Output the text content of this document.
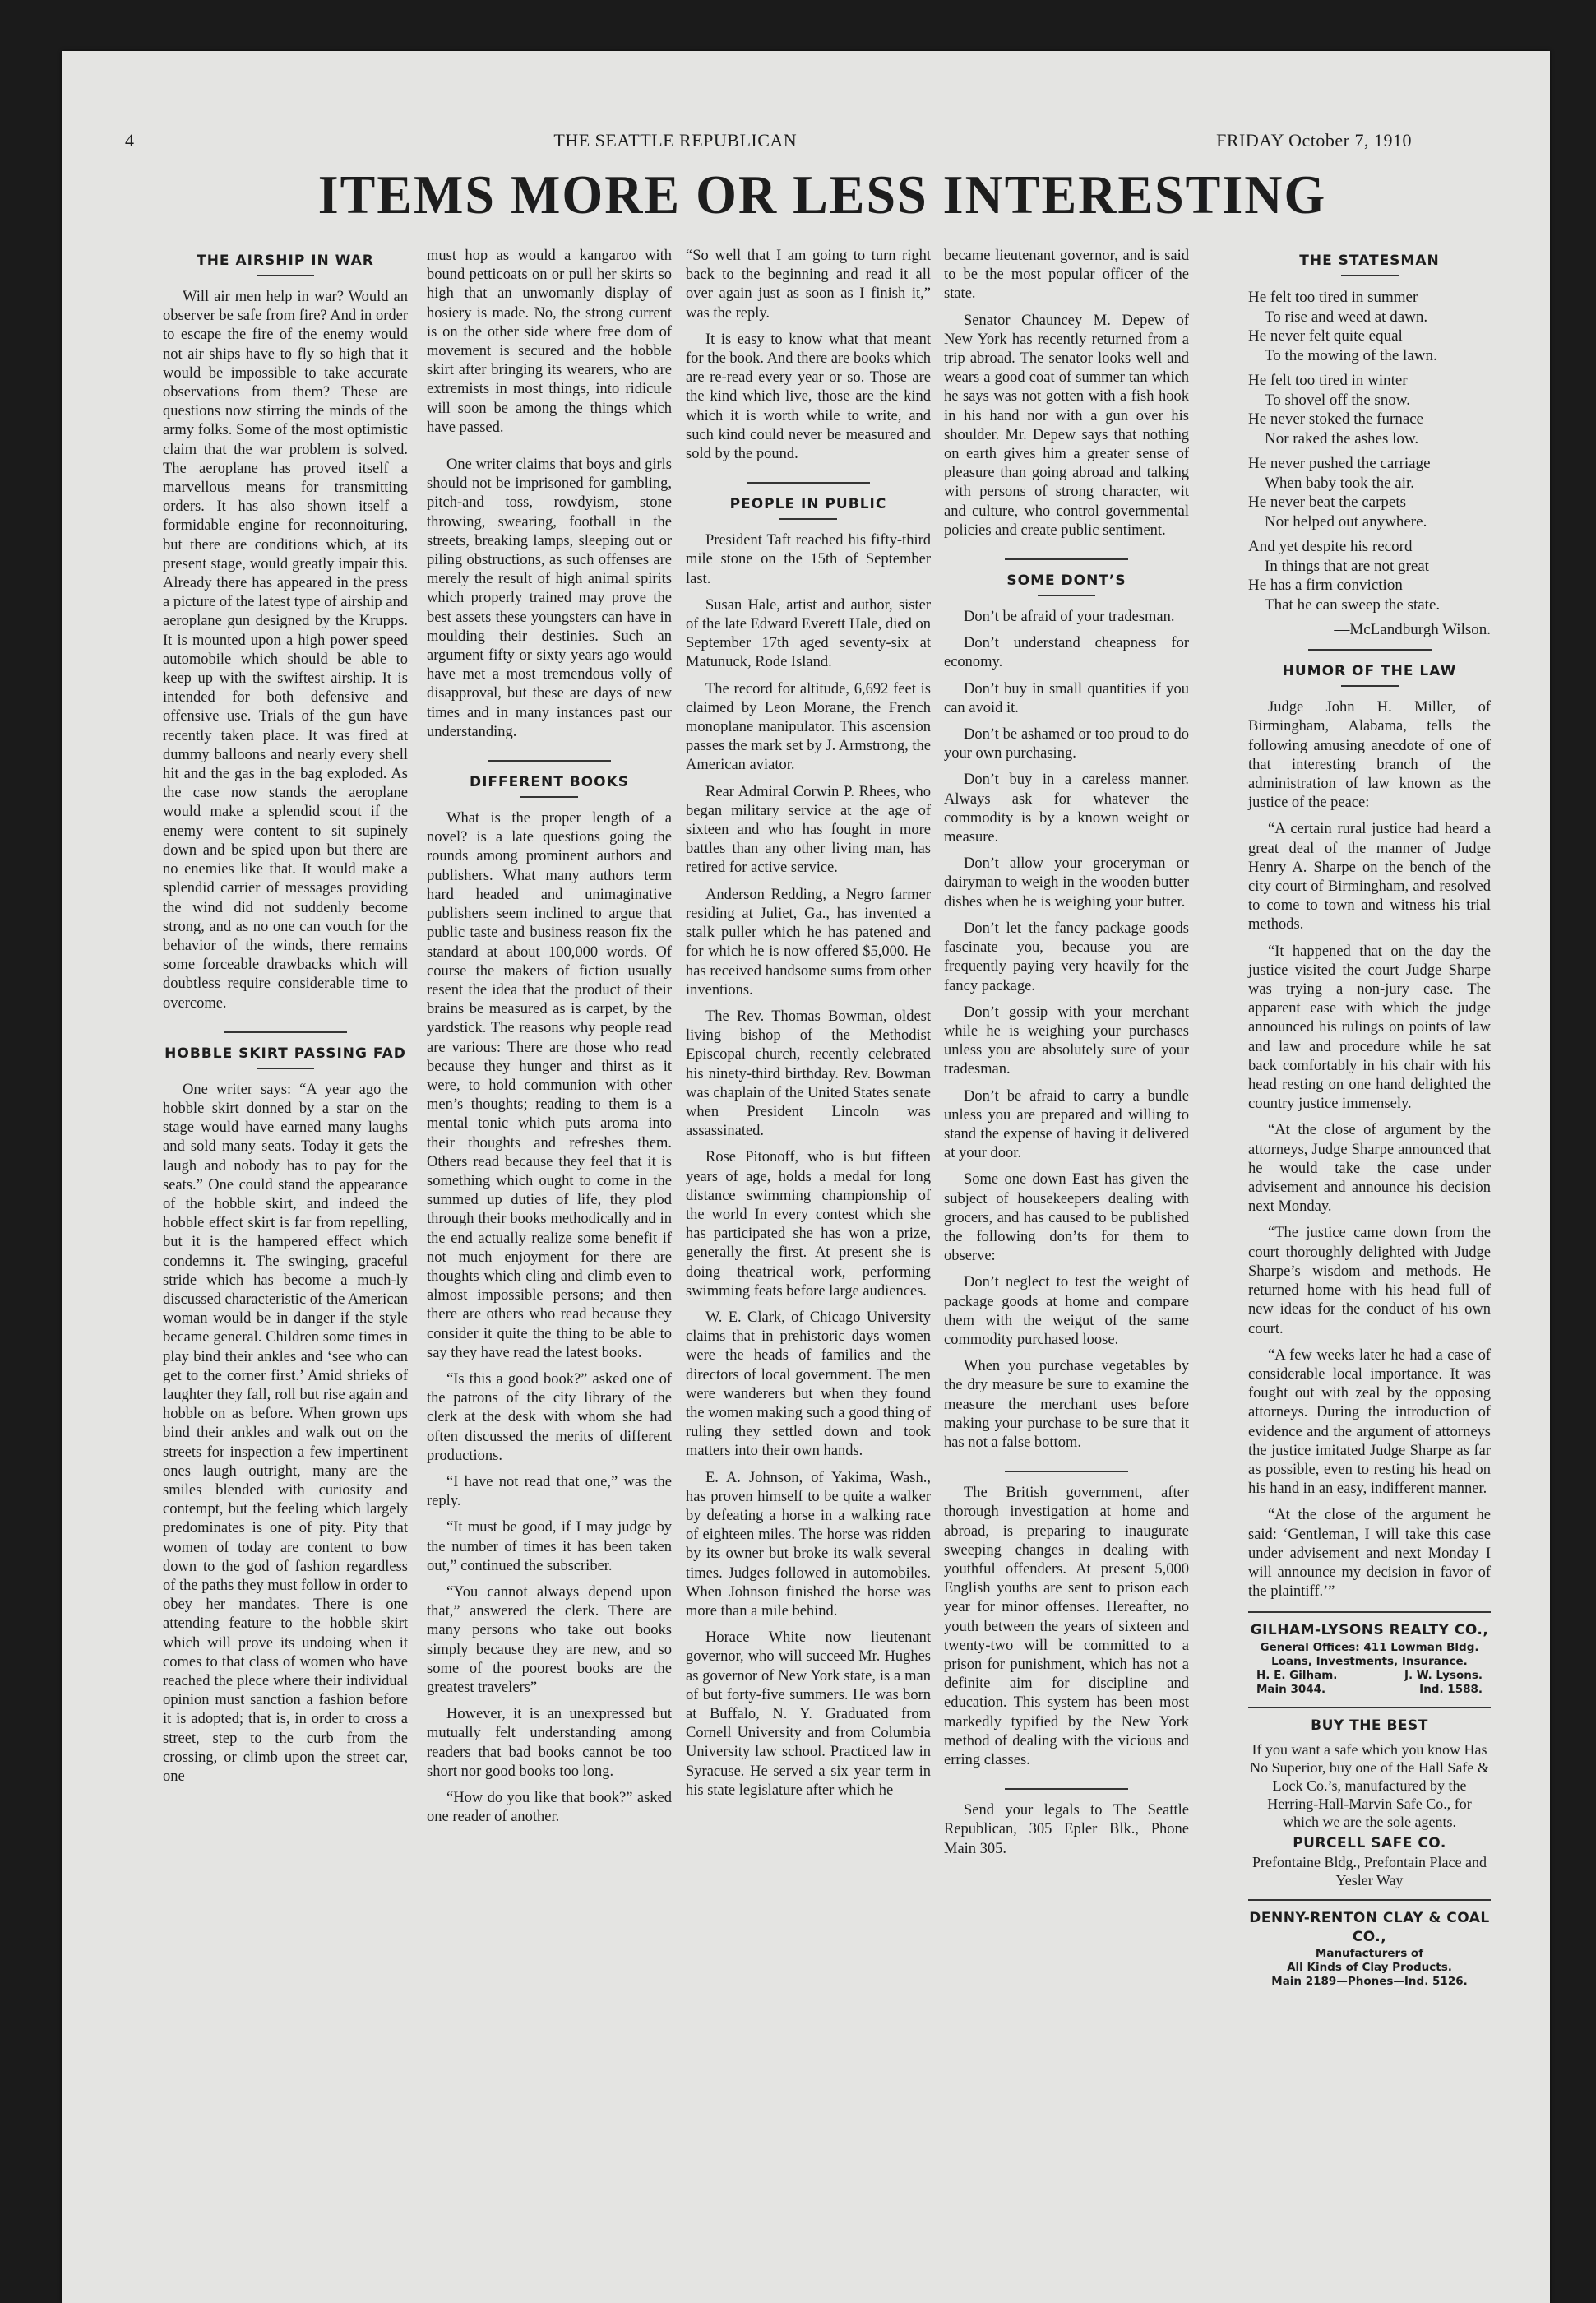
4	THE SEATTLE REPUBLICAN	FRIDAY October 7, 1910
ITEMS MORE OR LESS INTERESTING
THE AIRSHIP IN WAR

Will air men help in war? Would an observer be safe from fire? And in order to escape the fire of the enemy would not air ships have to fly so high that it would be impossible to take accurate observations from them? These are questions now stirring the minds of the army folks. Some of the most optimistic claim that the war problem is solved. The aeroplane has proved itself a marvellous means for transmitting orders. It has also shown itself a formidable engine for reconnoituring, but there are conditions which, at its present stage, would greatly impair this. Already there has appeared in the press a picture of the latest type of airship and aeroplane gun designed by the Krupps. It is mounted upon a high power speed automobile which should be able to keep up with the swiftest airship. It is intended for both defensive and offensive use. Trials of the gun have recently taken place. It was fired at dummy balloons and nearly every shell hit and the gas in the bag exploded. As the case now stands the aeroplane would make a splendid scout if the enemy were content to sit supinely down and be spied upon but there are no enemies like that. It would make a splendid carrier of messages providing the wind did not suddenly become strong, and as no one can vouch for the behavior of the winds, there remains some forceable drawbacks which will doubtless require considerable time to overcome.

HOBBLE SKIRT PASSING FAD

One writer says: “A year ago the hobble skirt donned by a star on the stage would have earned many laughs and sold many seats. Today it gets the laugh and nobody has to pay for the seats.” One could stand the appearance of the hobble skirt, and indeed the hobble effect skirt is far from repelling, but it is the hampered effect which condemns it. The swinging, graceful stride which has become a much-ly discussed characteristic of the American woman would be in danger if the style became general. Children some times in play bind their ankles and ‘see who can get to the corner first.’ Amid shrieks of laughter they fall, roll but rise again and hobble on as before. When grown ups bind their ankles and walk out on the streets for inspection a few impertinent ones laugh outright, many are the smiles blended with curiosity and contempt, but the feeling which largely predominates is one of pity. Pity that women of today are content to bow down to the god of fashion regardless of the paths they must follow in order to obey her mandates. There is one attending feature to the hobble skirt which will prove its undoing when it comes to that class of women who have reached the plece where their individual opinion must sanction a fashion before it is adopted; that is, in order to cross a street, step to the curb from the crossing, or climb upon the street car, one

must hop as would a kangaroo with bound petticoats on or pull her skirts so high that an unwomanly display of hosiery is made. No, the strong current is on the other side where free dom of movement is secured and the hobble skirt after bringing its wearers, who are extremists in most things, into ridicule will soon be among the things which have passed.

One writer claims that boys and girls should not be imprisoned for gambling, pitch-and toss, rowdyism, stone throwing, swearing, football in the streets, breaking lamps, sleeping out or piling obstructions, as such offenses are merely the result of high animal spirits which properly trained may prove the best assets these youngsters can have in moulding their destinies. Such an argument fifty or sixty years ago would have met a most tremendous volly of disapproval, but these are days of new times and in many instances past our understanding.

DIFFERENT BOOKS

What is the proper length of a novel? is a late questions going the rounds among prominent authors and publishers. What many authors term hard headed and unimaginative publishers seem inclined to argue that public taste and business reason fix the standard at about 100,000 words. Of course the makers of fiction usually resent the idea that the product of their brains be measured as is carpet, by the yardstick. The reasons why people read are various: There are those who read because they hunger and thirst as it were, to hold communion with other men’s thoughts; reading to them is a mental tonic which puts aroma into their thoughts and refreshes them. Others read because they feel that it is something which ought to come in the summed up duties of life, they plod through their books methodically and in the end actually realize some benefit if not much enjoyment for there are thoughts which cling and climb even to almost impossible persons; and then there are others who read because they consider it quite the thing to be able to say they have read the latest books.

“Is this a good book?” asked one of the patrons of the city library of the clerk at the desk with whom she had often discussed the merits of different productions.

“I have not read that one,” was the reply.

“It must be good, if I may judge by the number of times it has been taken out,” continued the subscriber.

“You cannot always depend upon that,” answered the clerk. There are many persons who take out books simply because they are new, and so some of the poorest books are the greatest travelers”

However, it is an unexpressed but mutually felt understanding among readers that bad books cannot be too short nor good books too long.

“How do you like that book?” asked one reader of another.

“So well that I am going to turn right back to the beginning and read it all over again just as soon as I finish it,” was the reply.

It is easy to know what that meant for the book. And there are books which are re-read every year or so. Those are the kind which live, those are the kind which it is worth while to write, and such kind could never be measured and sold by the pound.

PEOPLE IN PUBLIC

President Taft reached his fifty-third mile stone on the 15th of September last.

Susan Hale, artist and author, sister of the late Edward Everett Hale, died on September 17th aged seventy-six at Matunuck, Rode Island.

The record for altitude, 6,692 feet is claimed by Leon Morane, the French monoplane manipulator. This ascension passes the mark set by J. Armstrong, the American aviator.

Rear Admiral Corwin P. Rhees, who began military service at the age of sixteen and who has fought in more battles than any other living man, has retired for active service.

Anderson Redding, a Negro farmer residing at Juliet, Ga., has invented a stalk puller which he has patened and for which he is now offered $5,000. He has received handsome sums from other inventions.

The Rev. Thomas Bowman, oldest living bishop of the Methodist Episcopal church, recently celebrated his ninety-third birthday. Rev. Bowman was chaplain of the United States senate when President Lincoln was assassinated.

Rose Pitonoff, who is but fifteen years of age, holds a medal for long distance swimming championship of the world In every contest which she has participated she has won a prize, generally the first. At present she is doing theatrical work, performing swimming feats before large audiences.

W. E. Clark, of Chicago University claims that in prehistoric days women were the heads of families and the directors of local government. The men were wanderers but when they found the women making such a good thing of ruling they settled down and took matters into their own hands.

E. A. Johnson, of Yakima, Wash., has proven himself to be quite a walker by defeating a horse in a walking race of eighteen miles. The horse was ridden by its owner but broke its walk several times. Judges followed in automobiles. When Johnson finished the horse was more than a mile behind.

Horace White now lieutenant governor, who will succeed Mr. Hughes as governor of New York state, is a man of but forty-five summers. He was born at Buffalo, N. Y. Graduated from Cornell University and from Columbia University law school. Practiced law in Syracuse. He served a six year term in his state legislature after which he

became lieutenant governor, and is said to be the most popular officer of the state.

Senator Chauncey M. Depew of New York has recently returned from a trip abroad. The senator looks well and wears a good coat of summer tan which he says was not gotten with a fish hook in his hand nor with a gun over his shoulder. Mr. Depew says that nothing on earth gives him a greater sense of pleasure than going abroad and talking with persons of strong character, wit and culture, who control governmental policies and create public sentiment.

SOME DONT’S

Don’t be afraid of your tradesman.

Don’t understand cheapness for economy.

Don’t buy in small quantities if you can avoid it.

Don’t be ashamed or too proud to do your own purchasing.

Don’t buy in a careless manner. Always ask for whatever the commodity is by a known weight or measure.

Don’t allow your groceryman or dairyman to weigh in the wooden butter dishes when he is weighing your butter.

Don’t let the fancy package goods fascinate you, because you are frequently paying very heavily for the fancy package.

Don’t gossip with your merchant while he is weighing your purchases unless you are absolutely sure of your tradesman.

Don’t be afraid to carry a bundle unless you are prepared and willing to stand the expense of having it delivered at your door.

Some one down East has given the subject of housekeepers dealing with grocers, and has caused to be published the following don’ts for them to observe:

Don’t neglect to test the weight of package goods at home and compare them with the weigut of the same commodity purchased loose.

When you purchase vegetables by the dry measure be sure to examine the measure the merchant uses before making your purchase to be sure that it has not a false bottom.

The British government, after thorough investigation at home and abroad, is preparing to inaugurate sweeping changes in dealing with youthful offenders. At present 5,000 English youths are sent to prison each year for minor offenses. Hereafter, no youth between the years of sixteen and twenty-two will be committed to a prison for punishment, which has not a definite aim for discipline and education. This system has been most markedly typified by the New York method of dealing with the vicious and erring classes.

Send your legals to The Seattle Republican, 305 Epler Blk., Phone Main 305.

THE STATESMAN
He felt too tired in summer
To rise and weed at dawn.
He never felt quite equal
To the mowing of the lawn.
He felt too tired in winter
To shovel off the snow.
He never stoked the furnace
Nor raked the ashes low.
He never pushed the carriage
When baby took the air.
He never beat the carpets
Nor helped out anywhere.
And yet despite his record
In things that are not great
He has a firm conviction
That he can sweep the state.
—McLandburgh Wilson.
HUMOR OF THE LAW

Judge John H. Miller, of Birmingham, Alabama, tells the following amusing anecdote of one of that interesting branch of the administration of law known as the justice of the peace:

“A certain rural justice had heard a great deal of the manner of Judge Henry A. Sharpe on the bench of the city court of Birmingham, and resolved to come to town and witness his trial methods.

“It happened that on the day the justice visited the court Judge Sharpe was trying a non-jury case. The apparent ease with which the judge announced his rulings on points of law and law and procedure while he sat back comfortably in his chair with his head resting on one hand delighted the country justice immensely.

“At the close of argument by the attorneys, Judge Sharpe announced that he would take the case under advisement and announce his decision next Monday.

“The justice came down from the court thoroughly delighted with Judge Sharpe’s wisdom and methods. He returned home with his head full of new ideas for the conduct of his own court.

“A few weeks later he had a case of considerable local importance. It was fought out with zeal by the opposing attorneys. During the introduction of evidence and the argument of attorneys the justice imitated Judge Sharpe as far as possible, even to resting his head on his hand in an easy, indifferent manner.

“At the close of the argument he said: ‘Gentleman, I will take this case under advisement and next Monday I will announce my decision in favor of the plaintiff.’”

GILHAM-LYSONS REALTY CO.,
General Offices: 411 Lowman Bldg.
Loans, Investments, Insurance.
H. E. Gilham.	J. W. Lysons.
Main 3044.	Ind. 1588.
BUY THE BEST
If you want a safe which you know Has No Superior, buy one of the Hall Safe & Lock Co.’s, manufactured by the Herring-Hall-Marvin Safe Co., for which we are the sole agents.
PURCELL SAFE CO.
Prefontaine Bldg., Prefontain Place and Yesler Way
DENNY-RENTON CLAY & COAL CO.,
Manufacturers of
All Kinds of Clay Products.
Main 2189—Phones—Ind. 5126.
